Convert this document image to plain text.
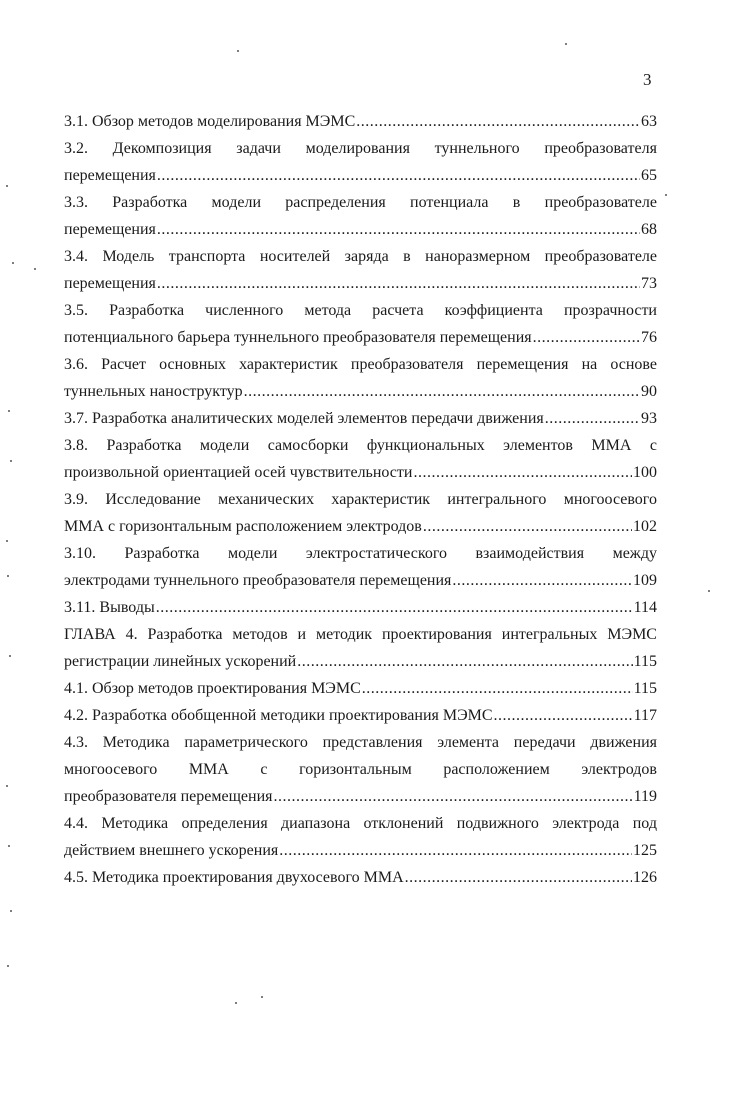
3
3.1. Обзор методов моделирования МЭМС .....	63
3.2. Декомпозиция задачи моделирования туннельного преобразователя
перемещения .....	65
3.3. Разработка модели распределения потенциала в преобразователе
перемещения .....	68
3.4. Модель транспорта носителей заряда в наноразмерном преобразователе
перемещения .....	73
3.5. Разработка численного метода расчета коэффициента прозрачности
потенциального барьера туннельного преобразователя перемещения .....	76
3.6. Расчет основных характеристик преобразователя перемещения на основе
туннельных наноструктур .....	90
3.7. Разработка аналитических моделей элементов передачи движения .....	93
3.8. Разработка модели самосборки функциональных элементов ММА с
произвольной ориентацией осей чувствительности .....	100
3.9. Исследование механических характеристик интегрального многоосевого
ММА с горизонтальным расположением электродов .....	102
3.10. Разработка модели электростатического взаимодействия между
электродами туннельного преобразователя перемещения .....	109
3.11. Выводы .....	114
ГЛАВА 4. Разработка методов и методик проектирования интегральных МЭМС
регистрации линейных ускорений .....	115
4.1. Обзор методов проектирования МЭМС .....	115
4.2. Разработка обобщенной методики проектирования МЭМС .....	117
4.3. Методика параметрического представления элемента передачи движения
многоосевого ММА с горизонтальным расположением электродов
преобразователя перемещения .....	119
4.4. Методика определения диапазона отклонений подвижного электрода под
действием внешнего ускорения .....	125
4.5. Методика проектирования двухосевого ММА .....	126
